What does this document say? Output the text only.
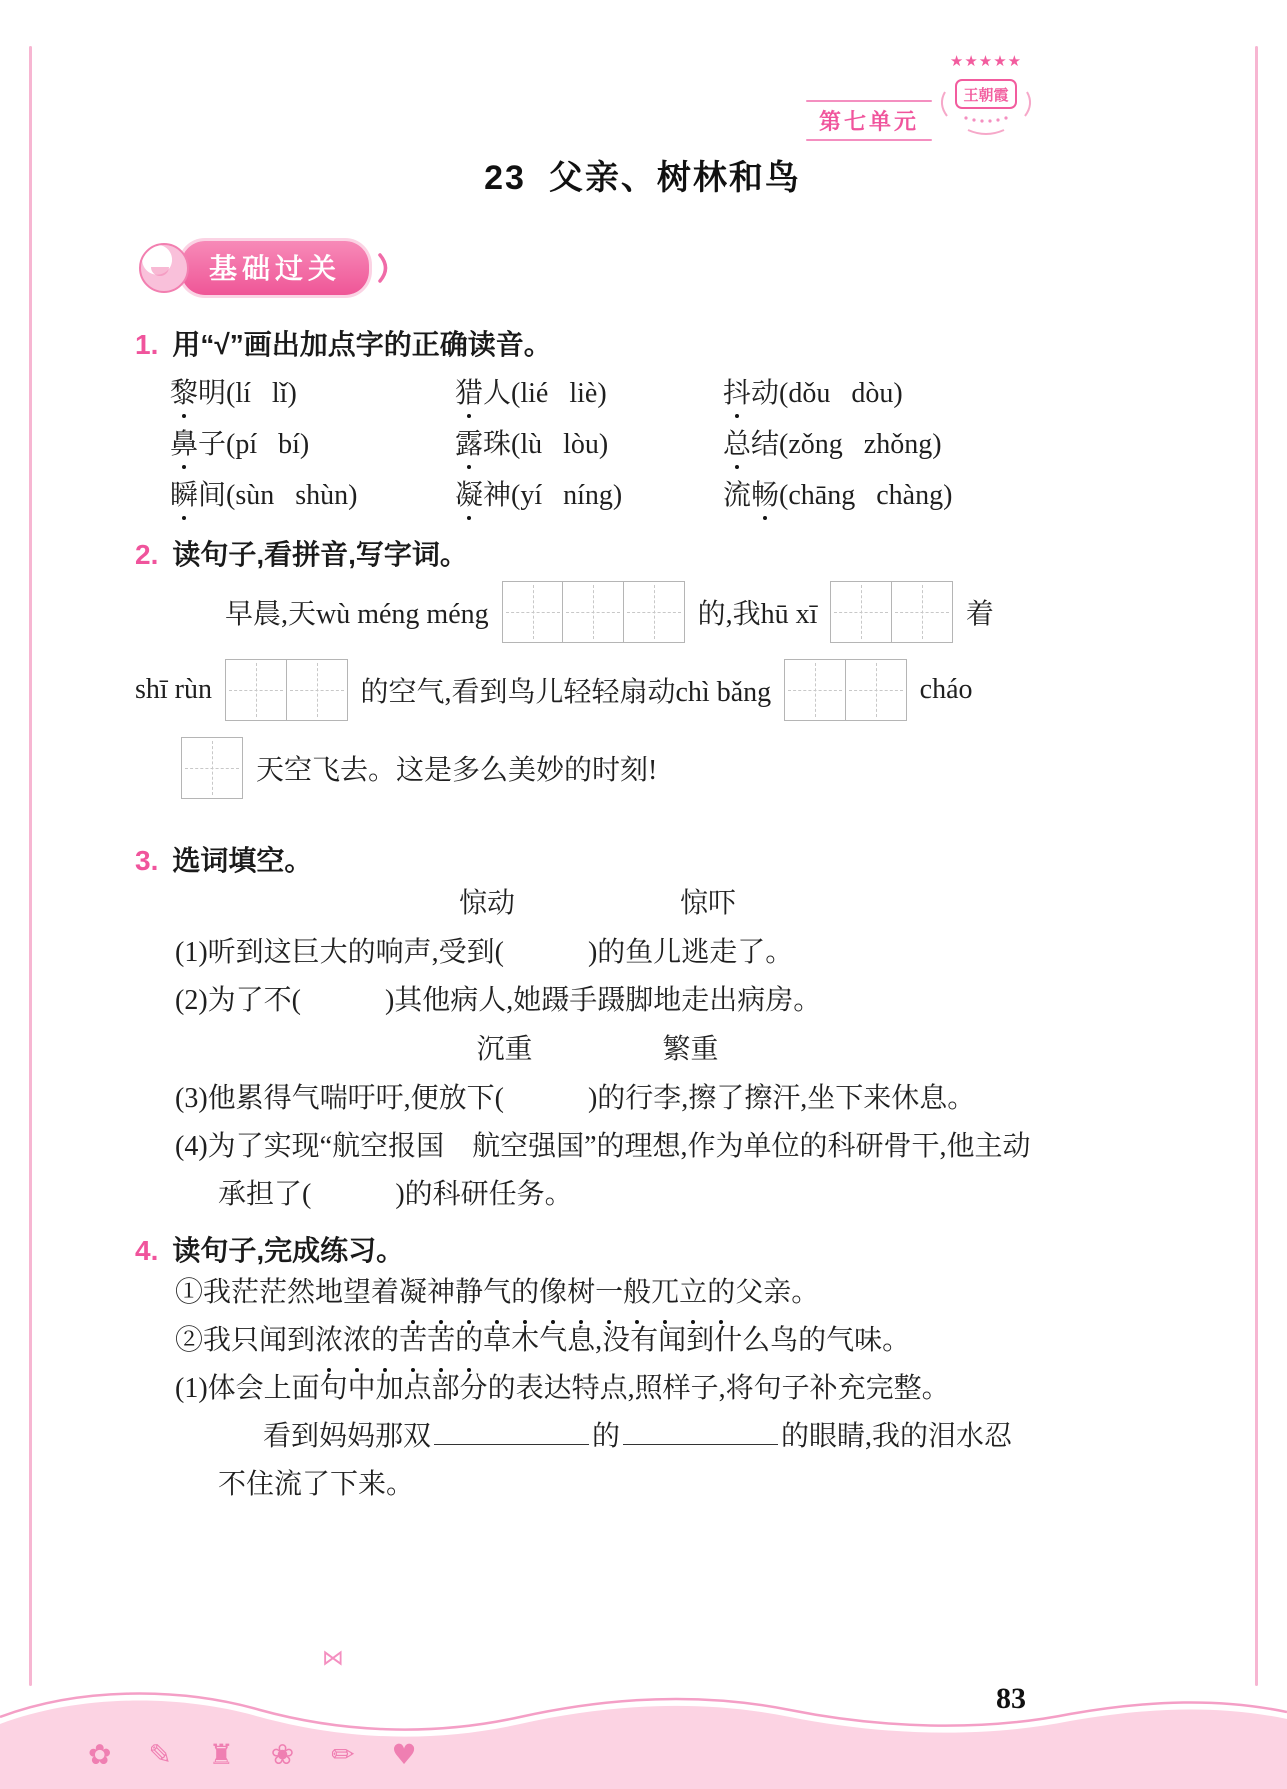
第七单元
★★★★★
王朝霞
23  父亲、树林和鸟
基础过关
1. 用“√”画出加点字的正确读音。
黎明(lí   lǐ)	猎人(lié   liè)	抖动(dǒu   dòu)
鼻子(pí   bí)	露珠(lù   lòu)	总结(zǒng   zhǒng)
瞬间(sùn   shùn)	凝神(yí   níng)	流畅(chāng   chàng)
2. 读句子,看拼音,写字词。
早晨,天wù méng méng	的,我hū xī	着
shī rùn	的空气,看到鸟儿轻轻扇动chì bǎng	cháo
天空飞去。这是多么美妙的时刻!
3. 选词填空。
惊动	惊吓
(1)听到这巨大的响声,受到(　　　)的鱼儿逃走了。
(2)为了不(　　　)其他病人,她蹑手蹑脚地走出病房。
沉重	繁重
(3)他累得气喘吁吁,便放下(　　　)的行李,擦了擦汗,坐下来休息。
(4)为了实现“航空报国　航空强国”的理想,作为单位的科研骨干,他主动
承担了(　　　)的科研任务。
4. 读句子,完成练习。
①我茫茫然地望着凝神静气的像树一般兀立的父亲。
②我只闻到浓浓的苦苦的草木气息,没有闻到什么鸟的气味。
(1)体会上面句中加点部分的表达特点,照样子,将句子补充完整。
看到妈妈那双	的	的眼睛,我的泪水忍
不住流了下来。
✿ ✎ ♜ ❀ ✏ ♥
⋈
83
